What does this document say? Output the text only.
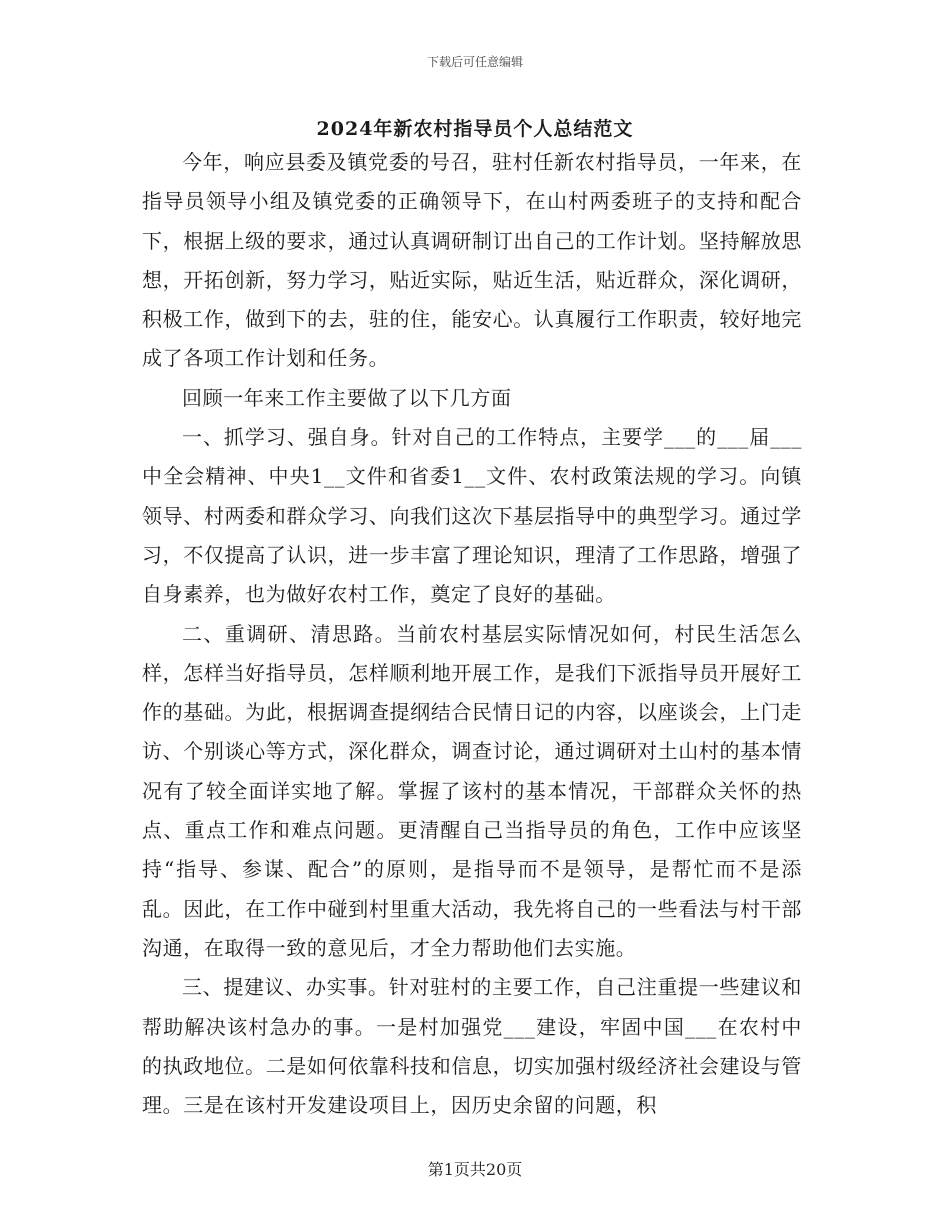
下载后可任意编辑
2024年新农村指导员个人总结范文

今年，响应县委及镇党委的号召，驻村任新农村指导员，一年来，在指导员领导小组及镇党委的正确领导下，在山村两委班子的支持和配合下，根据上级的要求，通过认真调研制订出自己的工作计划。坚持解放思想，开拓创新，努力学习，贴近实际，贴近生活，贴近群众，深化调研，积极工作，做到下的去，驻的住，能安心。认真履行工作职责，较好地完成了各项工作计划和任务。

回顾一年来工作主要做了以下几方面

一、抓学习、强自身。针对自己的工作特点，主要学___的___届___中全会精神、中央1__文件和省委1__文件、农村政策法规的学习。向镇领导、村两委和群众学习、向我们这次下基层指导中的典型学习。通过学习，不仅提高了认识，进一步丰富了理论知识，理清了工作思路，增强了自身素养，也为做好农村工作，奠定了良好的基础。

二、重调研、清思路。当前农村基层实际情况如何，村民生活怎么样，怎样当好指导员，怎样顺利地开展工作，是我们下派指导员开展好工作的基础。为此，根据调查提纲结合民情日记的内容，以座谈会，上门走访、个别谈心等方式，深化群众，调查讨论，通过调研对土山村的基本情况有了较全面详实地了解。掌握了该村的基本情况，干部群众关怀的热点、重点工作和难点问题。更清醒自己当指导员的角色，工作中应该坚持“指导、参谋、配合”的原则，是指导而不是领导，是帮忙而不是添乱。因此，在工作中碰到村里重大活动，我先将自己的一些看法与村干部沟通，在取得一致的意见后，才全力帮助他们去实施。

三、提建议、办实事。针对驻村的主要工作，自己注重提一些建议和帮助解决该村急办的事。一是村加强党___建设，牢固中国___在农村中的执政地位。二是如何依靠科技和信息，切实加强村级经济社会建设与管理。三是在该村开发建设项目上，因历史余留的问题，积

第1页共20页
